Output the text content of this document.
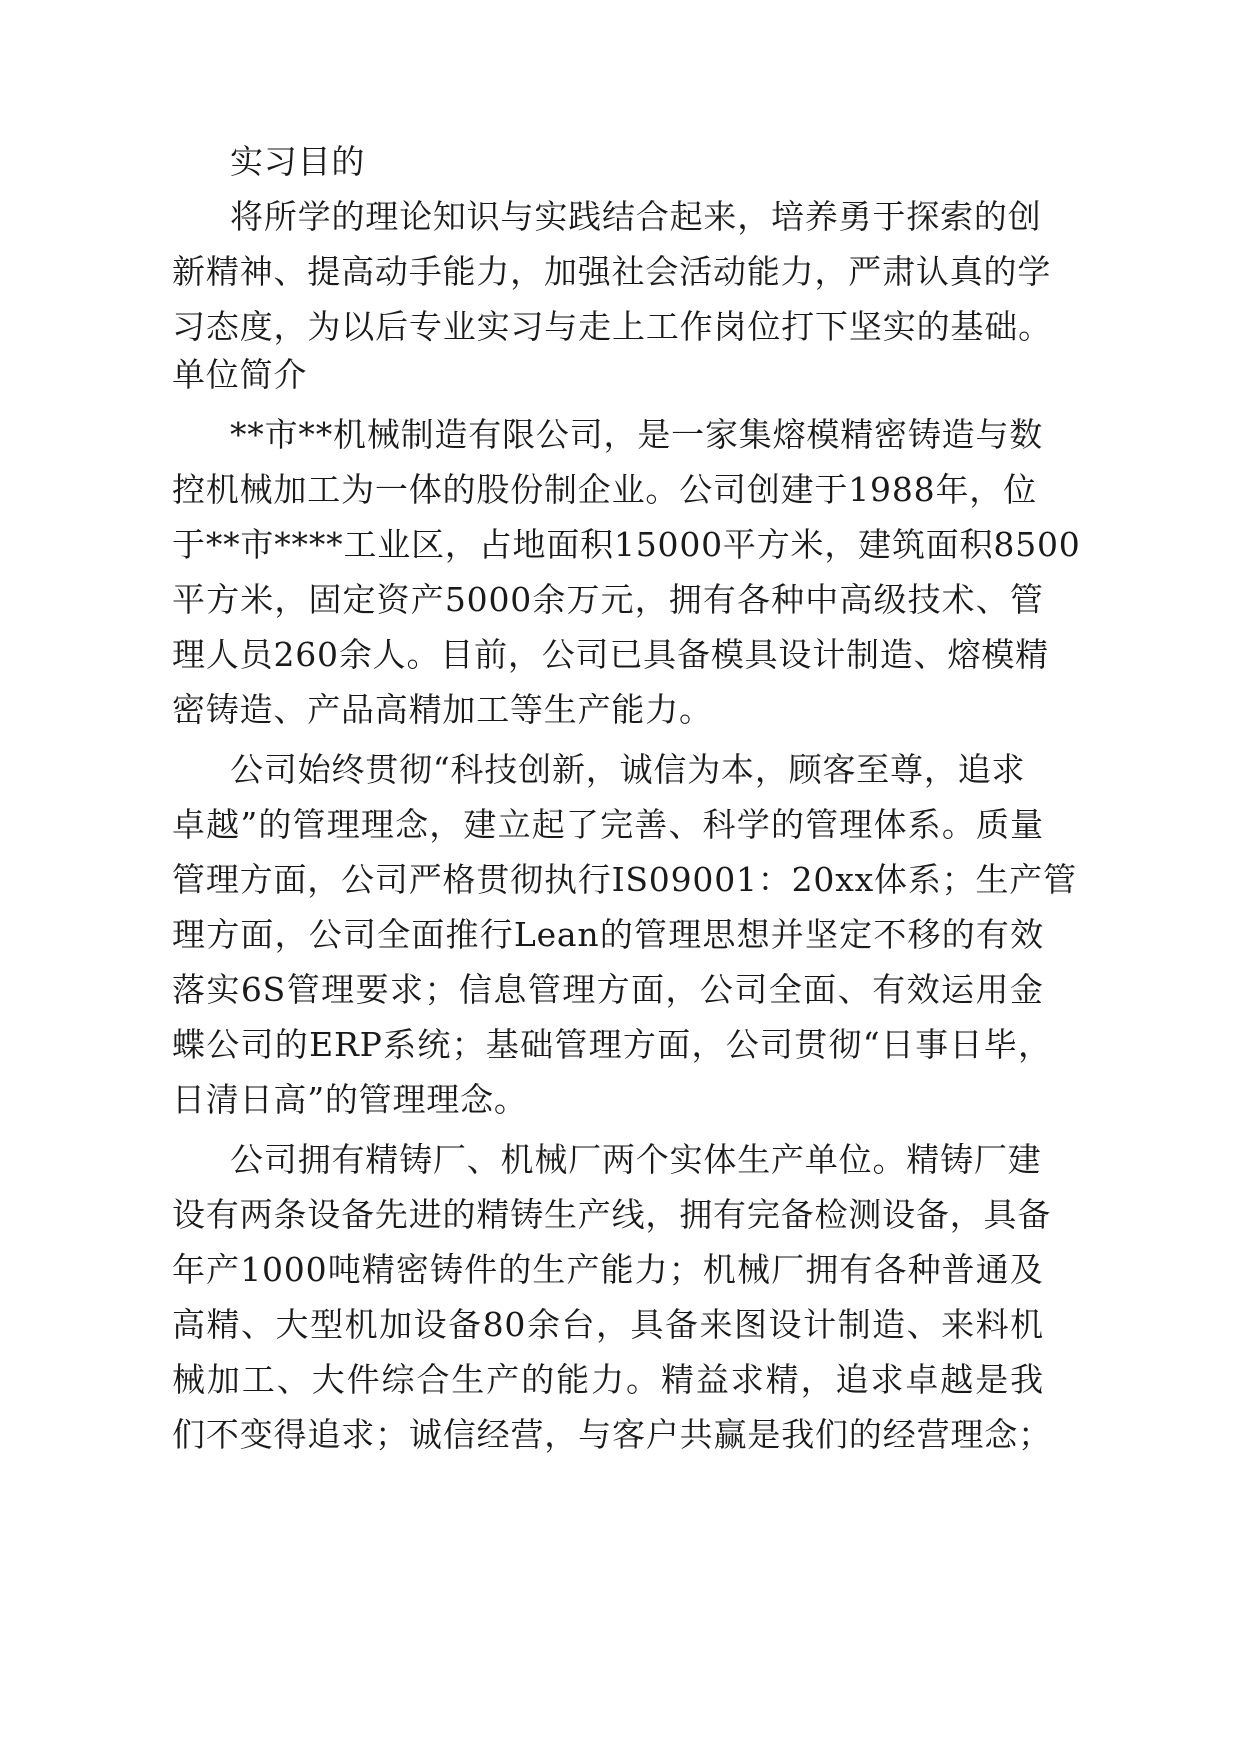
实习目的
将 所 学 的 理 论 知 识 与 实 践 结 合 起 来 ， 培 养 勇 于 探 索 的 创
新 精 神 、 提 高 动 手 能 力 ， 加 强 社 会 活 动 能 力 ， 严 肃 认 真 的 学
习 态 度 ， 为 以 后 专 业 实 习 与 走 上 工 作 岗 位 打 下 坚 实 的 基 础 。
单位简介
** 市 ** 机 械 制 造 有 限 公 司 ， 是 一 家 集 熔 模 精 密 铸 造 与 数
控 机 械 加 工 为 一 体 的 股 份 制 企 业 。 公 司 创 建 于 1988 年 ， 位
于 ** 市 **** 工 业 区 ， 占 地 面 积 15000 平 方 米 ， 建 筑 面 积 8500
平 方 米 ， 固 定 资 产 5000 余 万 元 ， 拥 有 各 种 中 高 级 技 术 、 管
理 人 员 260 余 人 。 目 前 ， 公 司 已 具 备 模 具 设 计 制 造 、 熔 模 精
密铸造、产品高精加工等生产能力。
公 司 始 终 贯 彻 “ 科 技 创 新 ， 诚 信 为 本 ， 顾 客 至 尊 ， 追 求
卓 越 ” 的 管 理 理 念 ， 建 立 起 了 完 善 、 科 学 的 管 理 体 系 。 质 量
管 理 方 面 ， 公 司 严 格 贯 彻 执 行 IS09001 ： 20xx 体 系 ； 生 产 管
理 方 面 ， 公 司 全 面 推 行 Lean 的 管 理 思 想 并 坚 定 不 移 的 有 效
落 实 6S 管 理 要 求 ； 信 息 管 理 方 面 ， 公 司 全 面 、 有 效 运 用 金
蝶 公 司 的 ERP 系 统 ； 基 础 管 理 方 面 ， 公 司 贯 彻 “ 日 事 日 毕 ，
日清日高”的管理理念。
公 司 拥 有 精 铸 厂 、 机 械 厂 两 个 实 体 生 产 单 位 。 精 铸 厂 建
设 有 两 条 设 备 先 进 的 精 铸 生 产 线 ， 拥 有 完 备 检 测 设 备 ， 具 备
年 产 1000 吨 精 密 铸 件 的 生 产 能 力 ； 机 械 厂 拥 有 各 种 普 通 及
高 精 、 大 型 机 加 设 备 80 余 台 ， 具 备 来 图 设 计 制 造 、 来 料 机
械 加 工 、 大 件 综 合 生 产 的 能 力 。 精 益 求 精 ， 追 求 卓 越 是 我
们 不 变 得 追 求 ； 诚 信 经 营 ， 与 客 户 共 赢 是 我 们 的 经 营 理 念 ；
